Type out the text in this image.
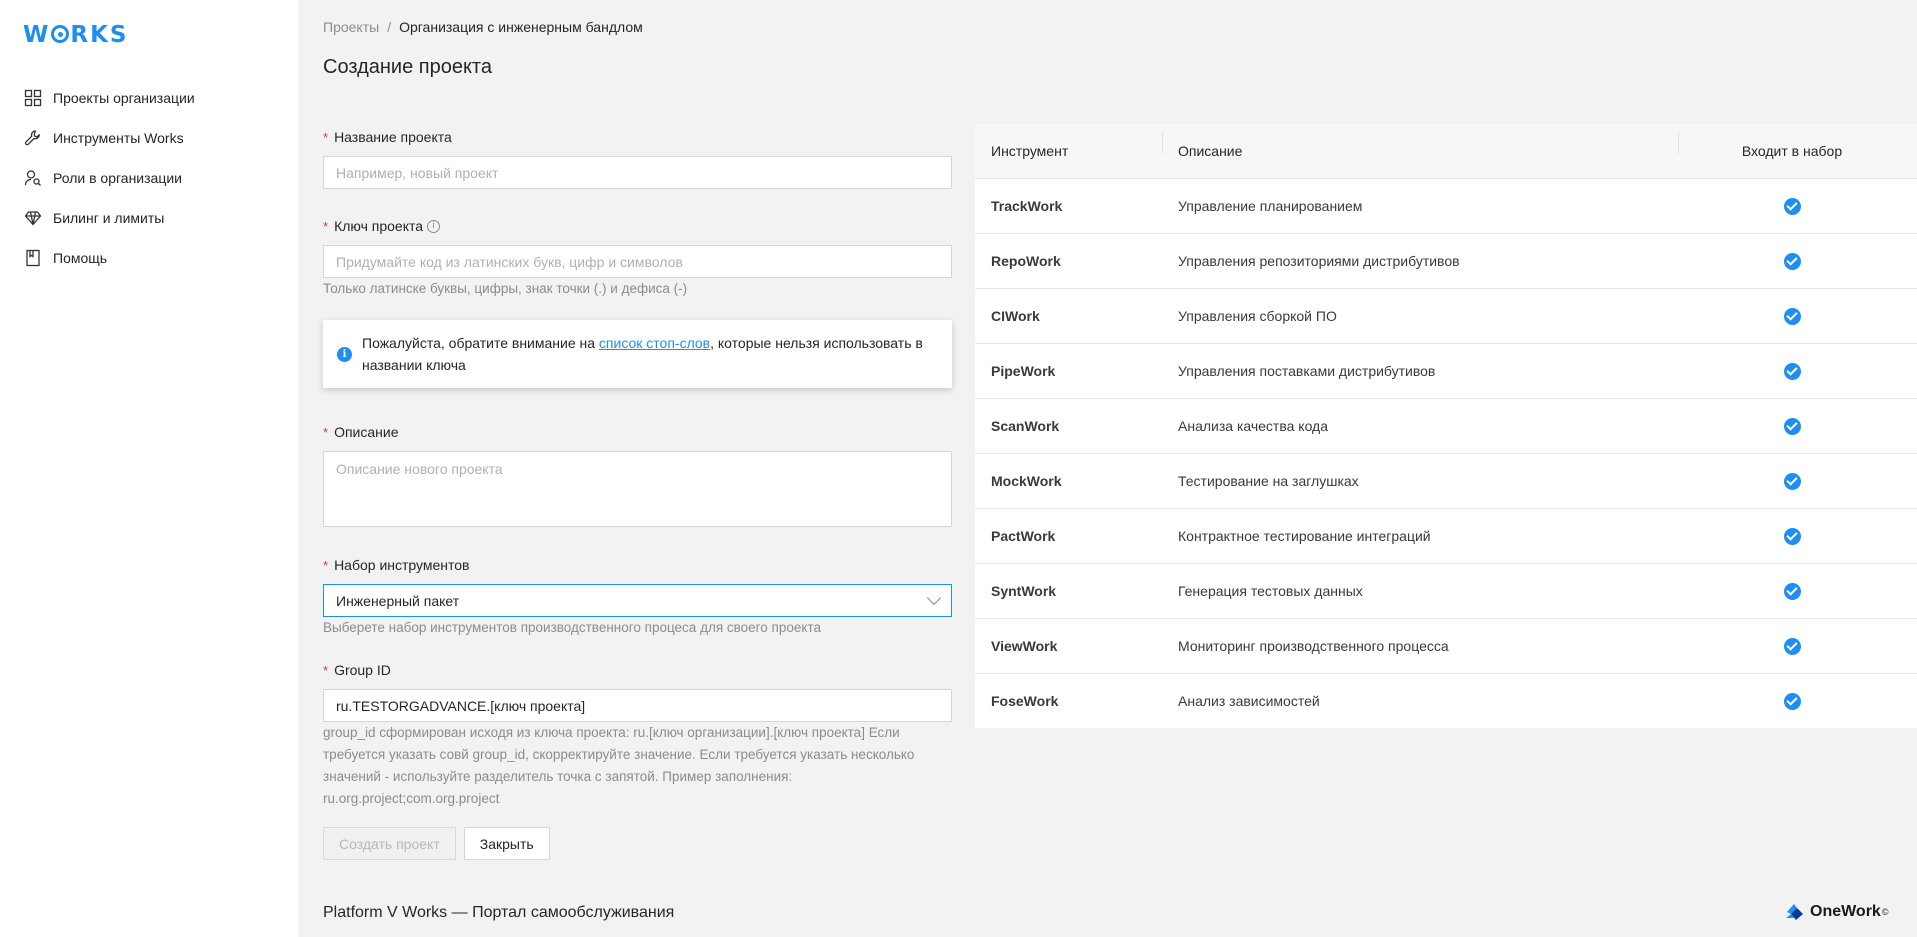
W RKS
Проекты организации
Инструменты Works
Роли в организации
Билинг и лимиты
Помощь
Проекты / Организация с инженерным бандлом
Создание проекта
* Название проекта
Например, новый проект
* Ключ проекта	i
Придумайте код из латинских букв, цифр и символов
Только латинске буквы, цифры, знак точки (.) и дефиса (-)
i
Пожалуйста, обратите внимание на список стоп-слов, которые нельзя использовать в названии ключа
* Описание
Описание нового проекта
* Набор инструментов
Инженерный пакет
Выберете набор инструментов производственного процеса для своего проекта
* Group ID
ru.TESTORGADVANCE.[ключ проекта]
group_id сформирован исходя из ключа проекта: ru.[ключ организации].[ключ проекта] Если требуется указать совй group_id, скорректируйте значение. Если требуется указать несколько значений - используйте разделитель точка с запятой. Пример заполнения: ru.org.project;com.org.project
Создать проект	Закрыть
Инструмент	Описание	Входит в набор
TrackWork	Управление планированием
RepoWork	Управления репозиториями дистрибутивов
CIWork	Управления сборкой ПО
PipeWork	Управления поставками дистрибутивов
ScanWork	Анализа качества кода
MockWork	Тестирование на заглушках
PactWork	Контрактное тестирование интеграций
SyntWork	Генерация тестовых данных
ViewWork	Мониторинг производственного процесса
FoseWork	Анализ зависимостей
Platform V Works — Портал самообслуживания	OneWork ©
